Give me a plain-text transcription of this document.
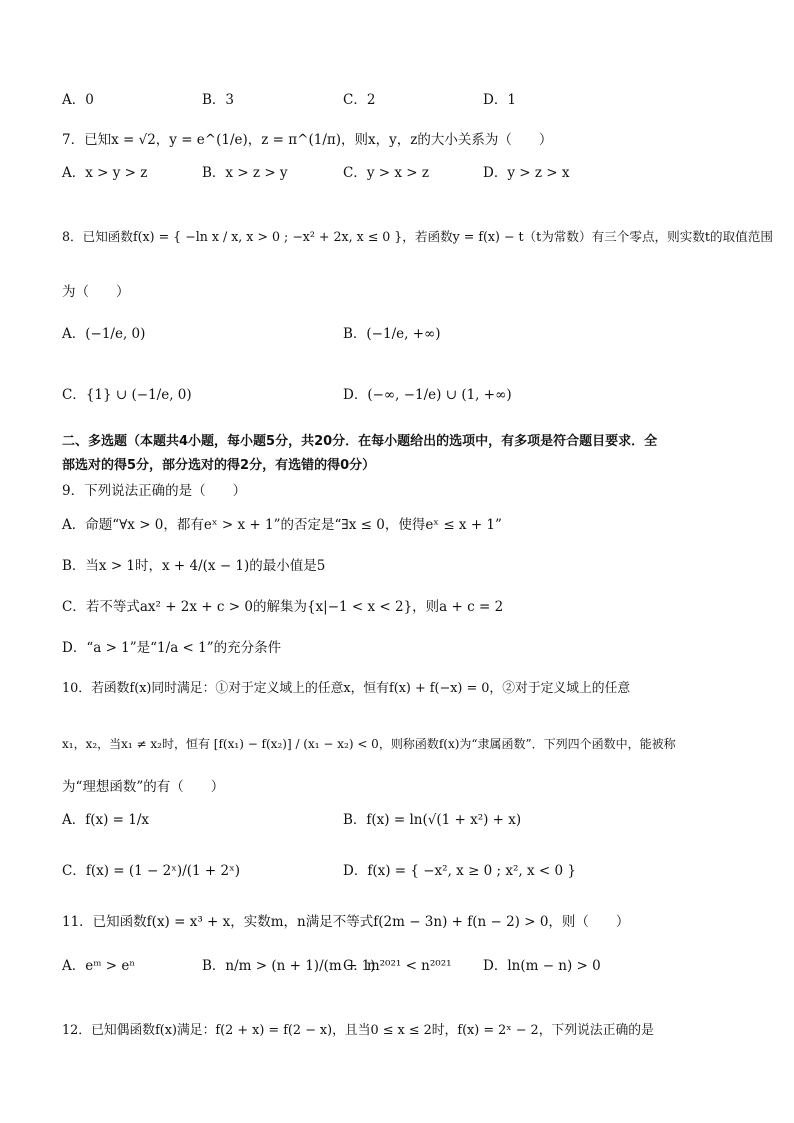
A．0	B．3	C．2	D．1
7．已知x = √2，y = e^(1/e)，z = π^(1/π)，则x，y，z的大小关系为（　　）
A．x > y > z	B．x > z > y	C．y > x > z	D．y > z > x
8．已知函数f(x) = { −ln x / x, x > 0 ; −x² + 2x, x ≤ 0 }，若函数y = f(x) − t（t为常数）有三个零点，则实数t的取值范围
为（　　）
A．(−1/e, 0)	B．(−1/e, +∞)
C．{1} ∪ (−1/e, 0)	D．(−∞, −1/e) ∪ (1, +∞)
二、多选题（本题共4小题，每小题5分，共20分．在每小题给出的选项中，有多项是符合题目要求．全
部选对的得5分，部分选对的得2分，有选错的得0分）
9．下列说法正确的是（　　）
A．命题“∀x > 0，都有eˣ > x + 1”的否定是“∃x ≤ 0，使得eˣ ≤ x + 1”
B．当x > 1时，x + 4/(x − 1)的最小值是5
C．若不等式ax² + 2x + c > 0的解集为{x|−1 < x < 2}，则a + c = 2
D．“a > 1”是“1/a < 1”的充分条件
10．若函数f(x)同时满足：①对于定义域上的任意x，恒有f(x) + f(−x) = 0，②对于定义域上的任意
x₁，x₂，当x₁ ≠ x₂时，恒有 [f(x₁) − f(x₂)] / (x₁ − x₂) < 0，则称函数f(x)为“隶属函数”．下列四个函数中，能被称
为“理想函数”的有（　　）
A．f(x) = 1/x	B．f(x) = ln(√(1 + x²) + x)
C．f(x) = (1 − 2ˣ)/(1 + 2ˣ)	D．f(x) = { −x², x ≥ 0 ; x², x < 0 }
11．已知函数f(x) = x³ + x，实数m，n满足不等式f(2m − 3n) + f(n − 2) > 0，则（　　）
A．eᵐ > eⁿ	B．n/m > (n + 1)/(m + 1)
C．m²⁰²¹ < n²⁰²¹ D．ln(m − n) > 0
12．已知偶函数f(x)满足：f(2 + x) = f(2 − x)，且当0 ≤ x ≤ 2时，f(x) = 2ˣ − 2，下列说法正确的是
